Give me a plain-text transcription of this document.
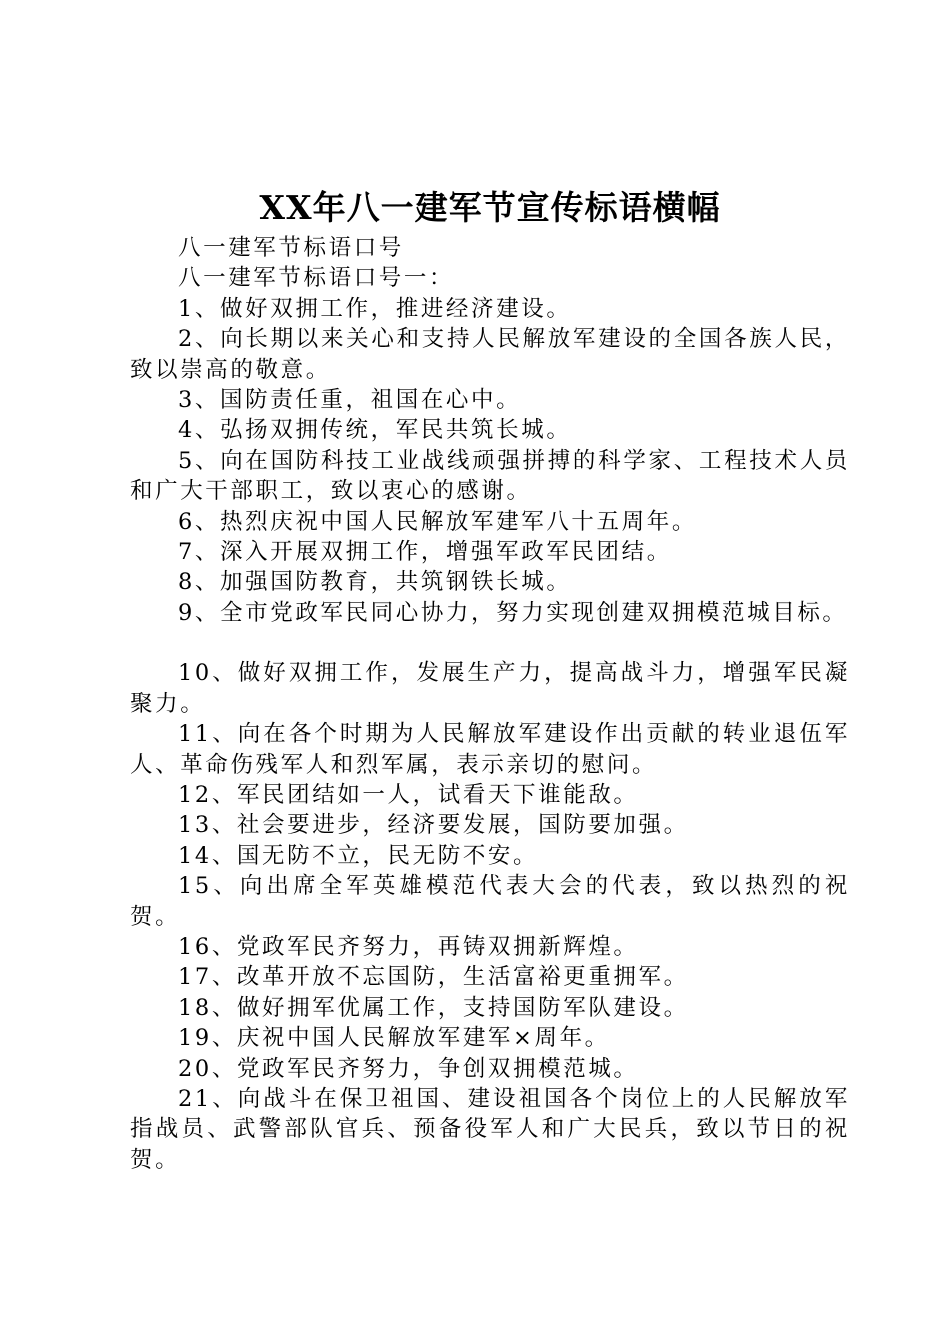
XX年八一建军节宣传标语横幅

八一建军节标语口号

八一建军节标语口号一：

1、做好双拥工作，推进经济建设。

2、向长期以来关心和支持人民解放军建设的全国各族人民，致以崇高的敬意。

3、国防责任重，祖国在心中。

4、弘扬双拥传统，军民共筑长城。

5、向在国防科技工业战线顽强拼搏的科学家、工程技术人员和广大干部职工，致以衷心的感谢。

6、热烈庆祝中国人民解放军建军八十五周年。

7、深入开展双拥工作，增强军政军民团结。

8、加强国防教育，共筑钢铁长城。

9、全市党政军民同心协力，努力实现创建双拥模范城目标。

10、做好双拥工作，发展生产力，提高战斗力，增强军民凝聚力。

11、向在各个时期为人民解放军建设作出贡献的转业退伍军人、革命伤残军人和烈军属，表示亲切的慰问。

12、军民团结如一人，试看天下谁能敌。

13、社会要进步，经济要发展，国防要加强。

14、国无防不立，民无防不安。

15、向出席全军英雄模范代表大会的代表，致以热烈的祝贺。

16、党政军民齐努力，再铸双拥新辉煌。

17、改革开放不忘国防，生活富裕更重拥军。

18、做好拥军优属工作，支持国防军队建设。

19、庆祝中国人民解放军建军×周年。

20、党政军民齐努力，争创双拥模范城。

21、向战斗在保卫祖国、建设祖国各个岗位上的人民解放军指战员、武警部队官兵、预备役军人和广大民兵，致以节日的祝贺。
